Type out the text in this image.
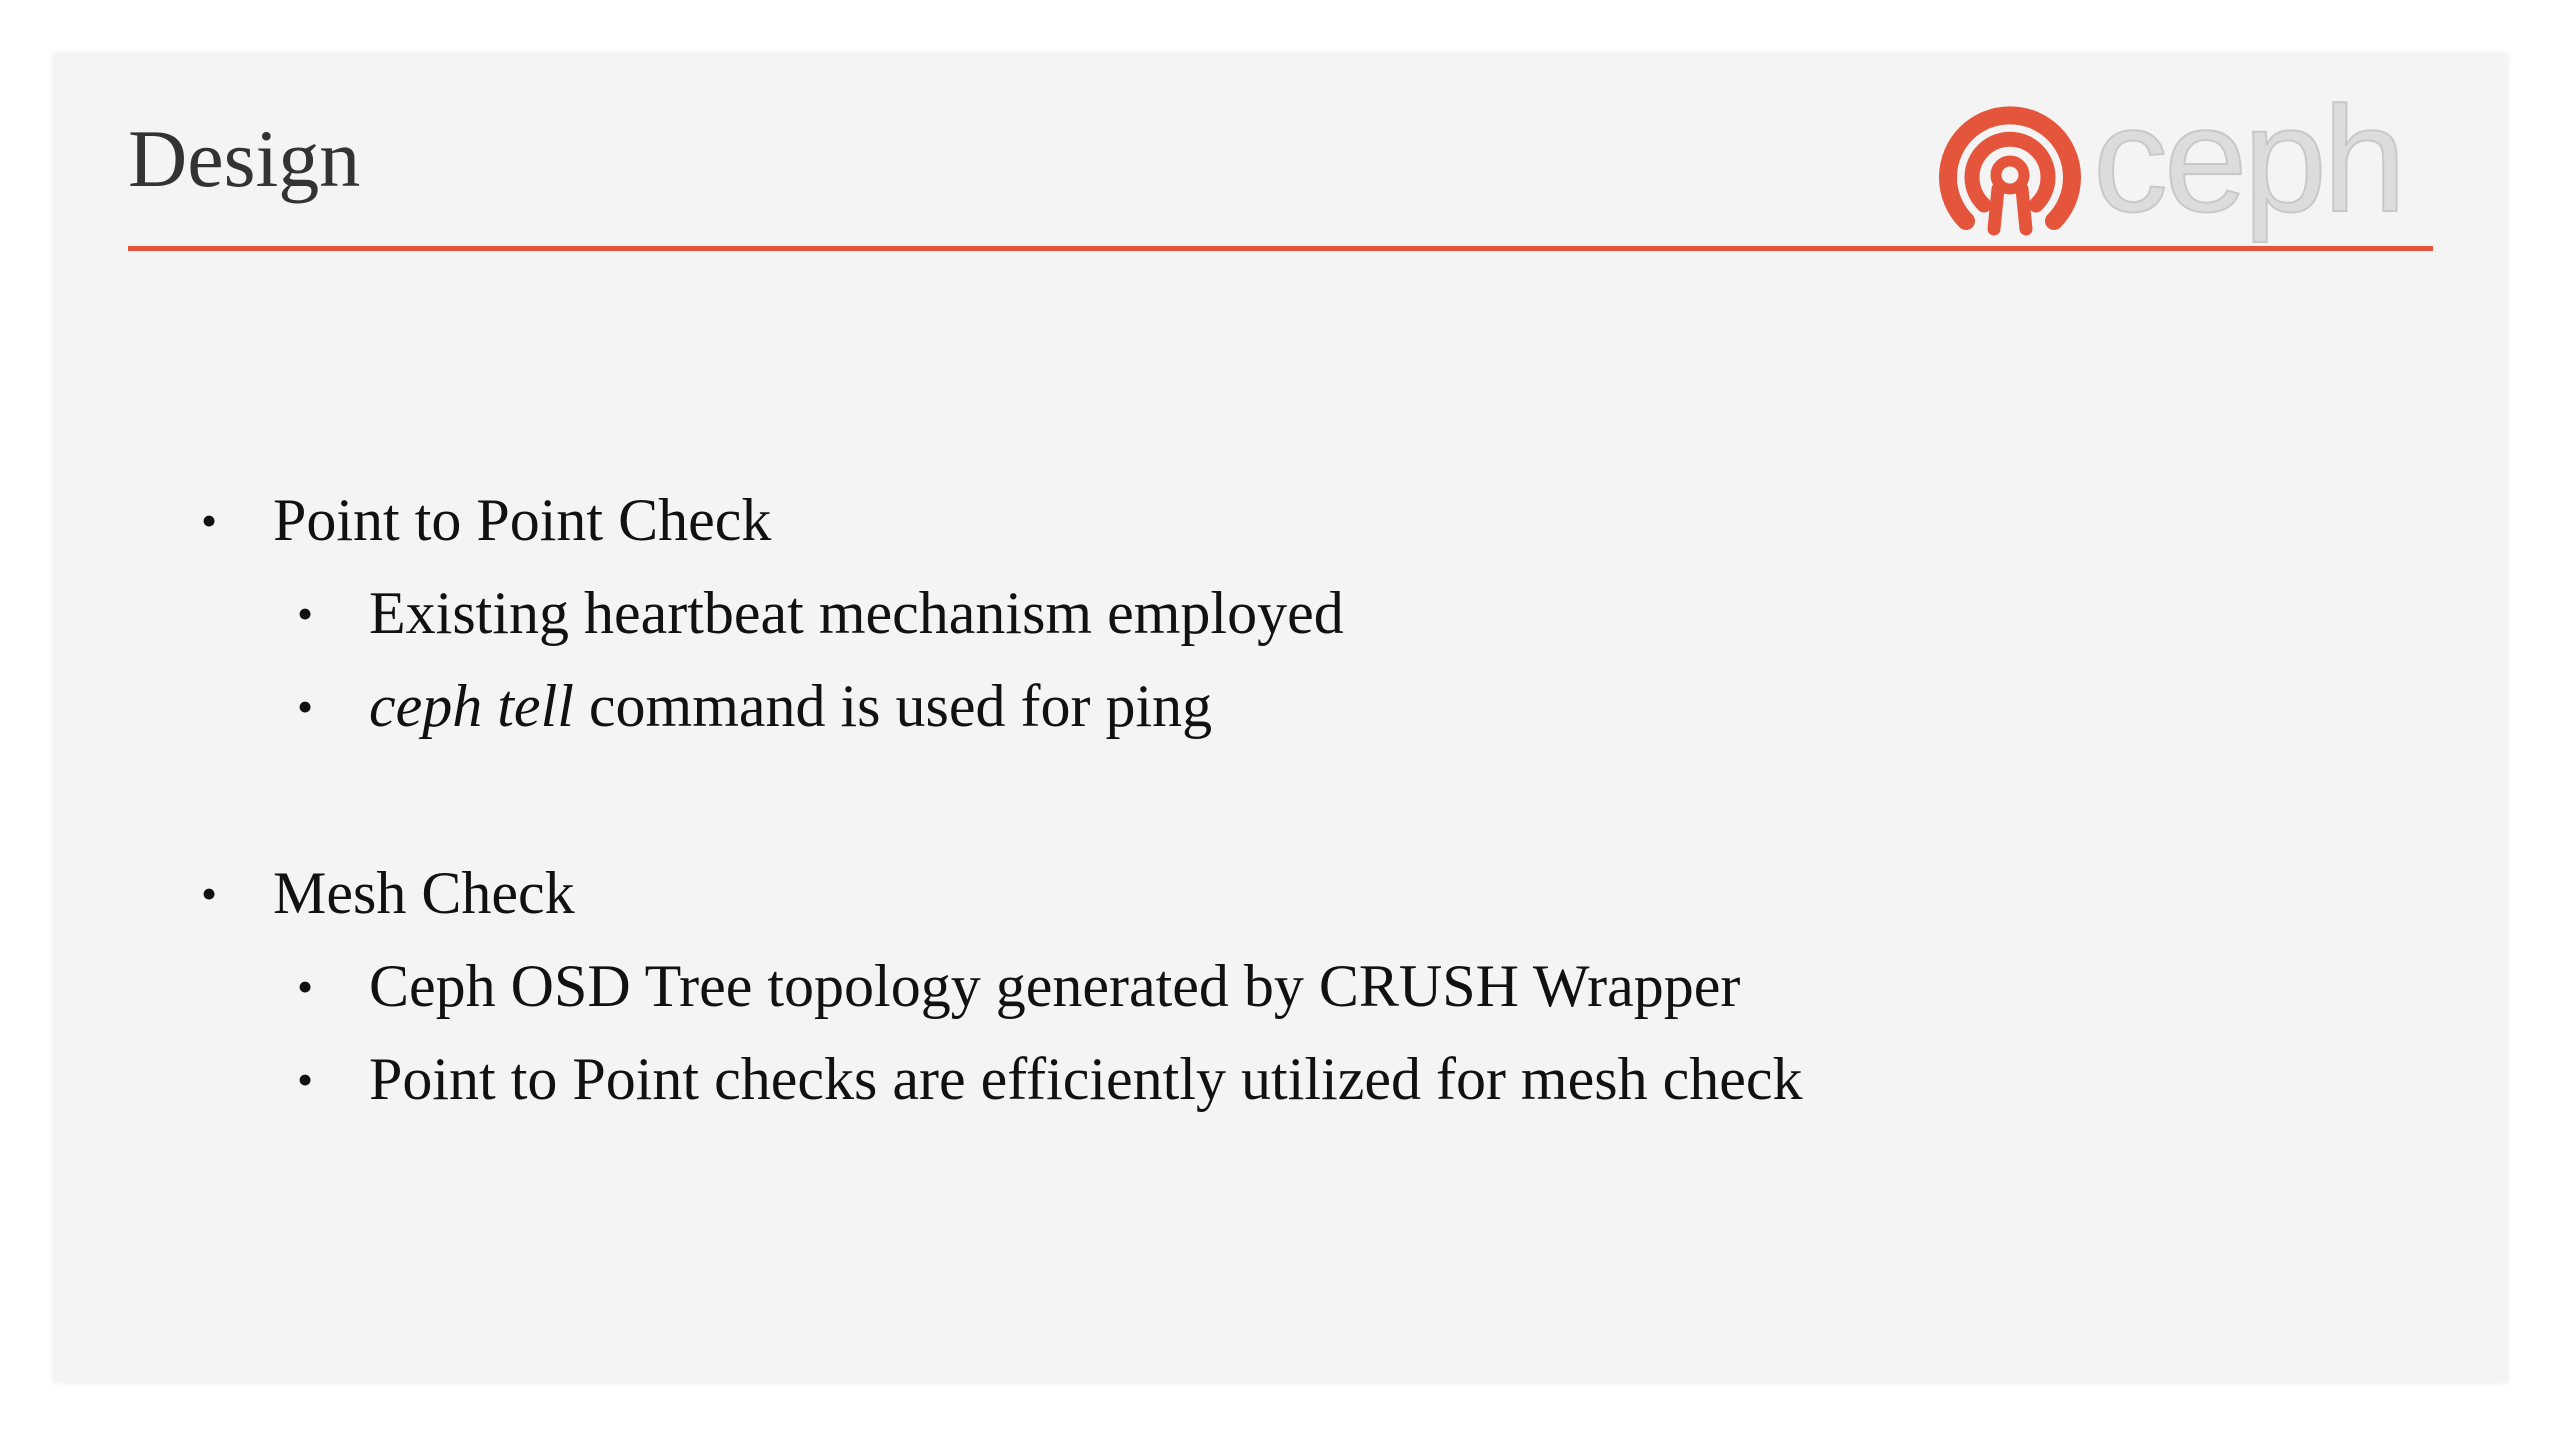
Design	ceph
• Point to Point Check
• Existing heartbeat mechanism employed
• ceph tell command is used for ping
• Mesh Check
• Ceph OSD Tree topology generated by CRUSH Wrapper
• Point to Point checks are efficiently utilized for mesh check
